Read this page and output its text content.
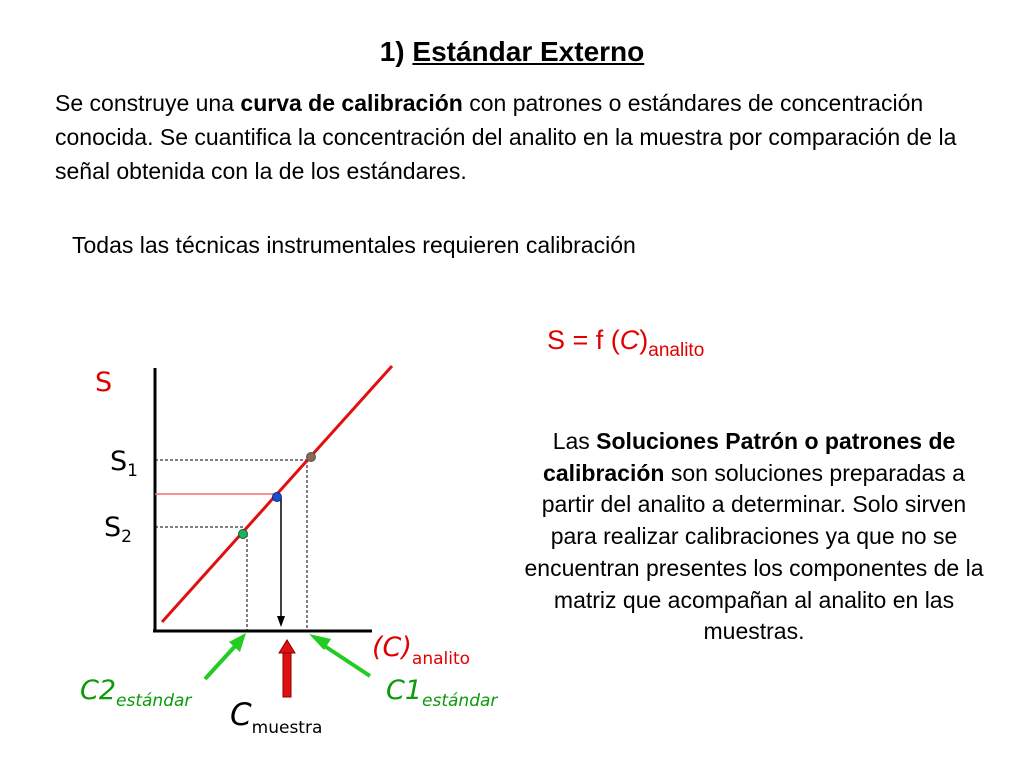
1) Estándar Externo
Se construye una curva de calibración con patrones o estándares de concentración conocida. Se cuantifica la concentración del analito en la muestra por comparación de la señal obtenida con la de los estándares.
Todas las técnicas instrumentales requieren calibración
S = f $(C)_{analito}$
Las Soluciones Patrón o patrones de calibración son soluciones preparadas a partir del analito a determinar. Solo sirven para realizar calibraciones ya que no se encuentran presentes los componentes de la matriz que acompañan al analito en las muestras.
S
$S_1$
$S_2$
$(C)_{analito}$
$C2_{estándar}$	$C1_{estándar}$
$C_{muestra}$
